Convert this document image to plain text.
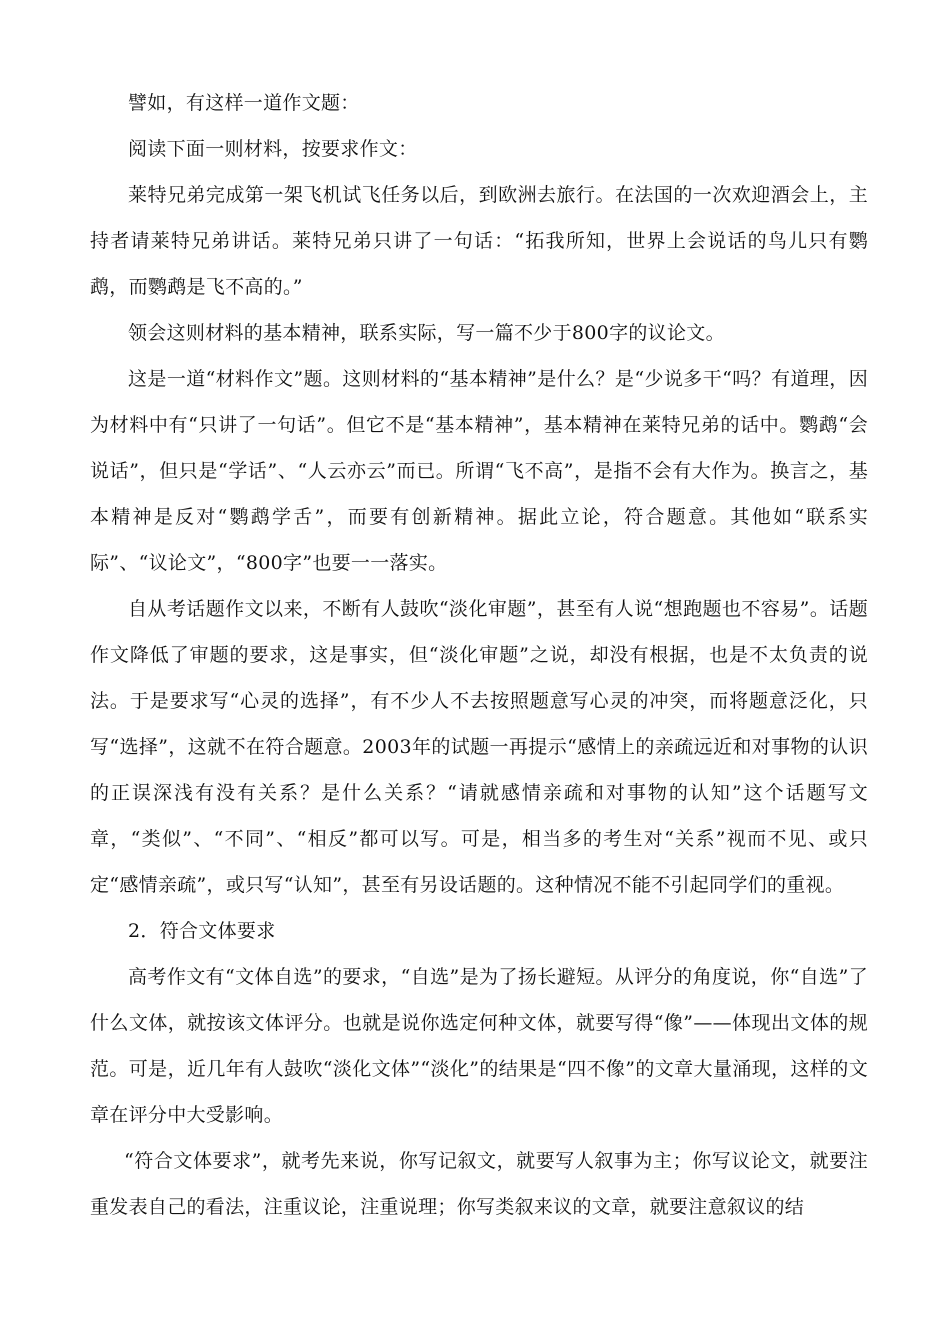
譬如，有这样一道作文题：

阅读下面一则材料，按要求作文：

莱特兄弟完成第一架飞机试飞任务以后，到欧洲去旅行。在法国的一次欢迎酒会上，主持者请莱特兄弟讲话。莱特兄弟只讲了一句话：“拓我所知，世界上会说话的鸟儿只有鹦鹉，而鹦鹉是飞不高的。”

领会这则材料的基本精神，联系实际，写一篇不少于800字的议论文。

这是一道“材料作文”题。这则材料的“基本精神”是什么？是“少说多干“吗？有道理，因为材料中有“只讲了一句话”。但它不是“基本精神”，基本精神在莱特兄弟的话中。鹦鹉“会说话”，但只是“学话”、“人云亦云”而已。所谓“飞不高”，是指不会有大作为。换言之，基本精神是反对“鹦鹉学舌”，而要有创新精神。据此立论，符合题意。其他如“联系实际”、“议论文”，“800字”也要一一落实。

自从考话题作文以来，不断有人鼓吹“淡化审题”，甚至有人说“想跑题也不容易”。话题作文降低了审题的要求，这是事实，但“淡化审题”之说，却没有根据，也是不太负责的说法。于是要求写“心灵的选择”，有不少人不去按照题意写心灵的冲突，而将题意泛化，只写“选择”，这就不在符合题意。2003年的试题一再提示“感情上的亲疏远近和对事物的认识的正误深浅有没有关系？是什么关系？“请就感情亲疏和对事物的认知”这个话题写文章，“类似”、“不同”、“相反”都可以写。可是，相当多的考生对“关系”视而不见、或只定“感情亲疏”，或只写“认知”，甚至有另设话题的。这种情况不能不引起同学们的重视。

2．符合文体要求

高考作文有“文体自选”的要求，“自选”是为了扬长避短。从评分的角度说，你“自选”了什么文体，就按该文体评分。也就是说你选定何种文体，就要写得“像”——体现出文体的规范。可是，近几年有人鼓吹“淡化文体”“淡化”的结果是“四不像”的文章大量涌现，这样的文章在评分中大受影响。

“符合文体要求”，就考先来说，你写记叙文，就要写人叙事为主；你写议论文，就要注重发表自己的看法，注重议论，注重说理；你写类叙来议的文章，就要注意叙议的结
